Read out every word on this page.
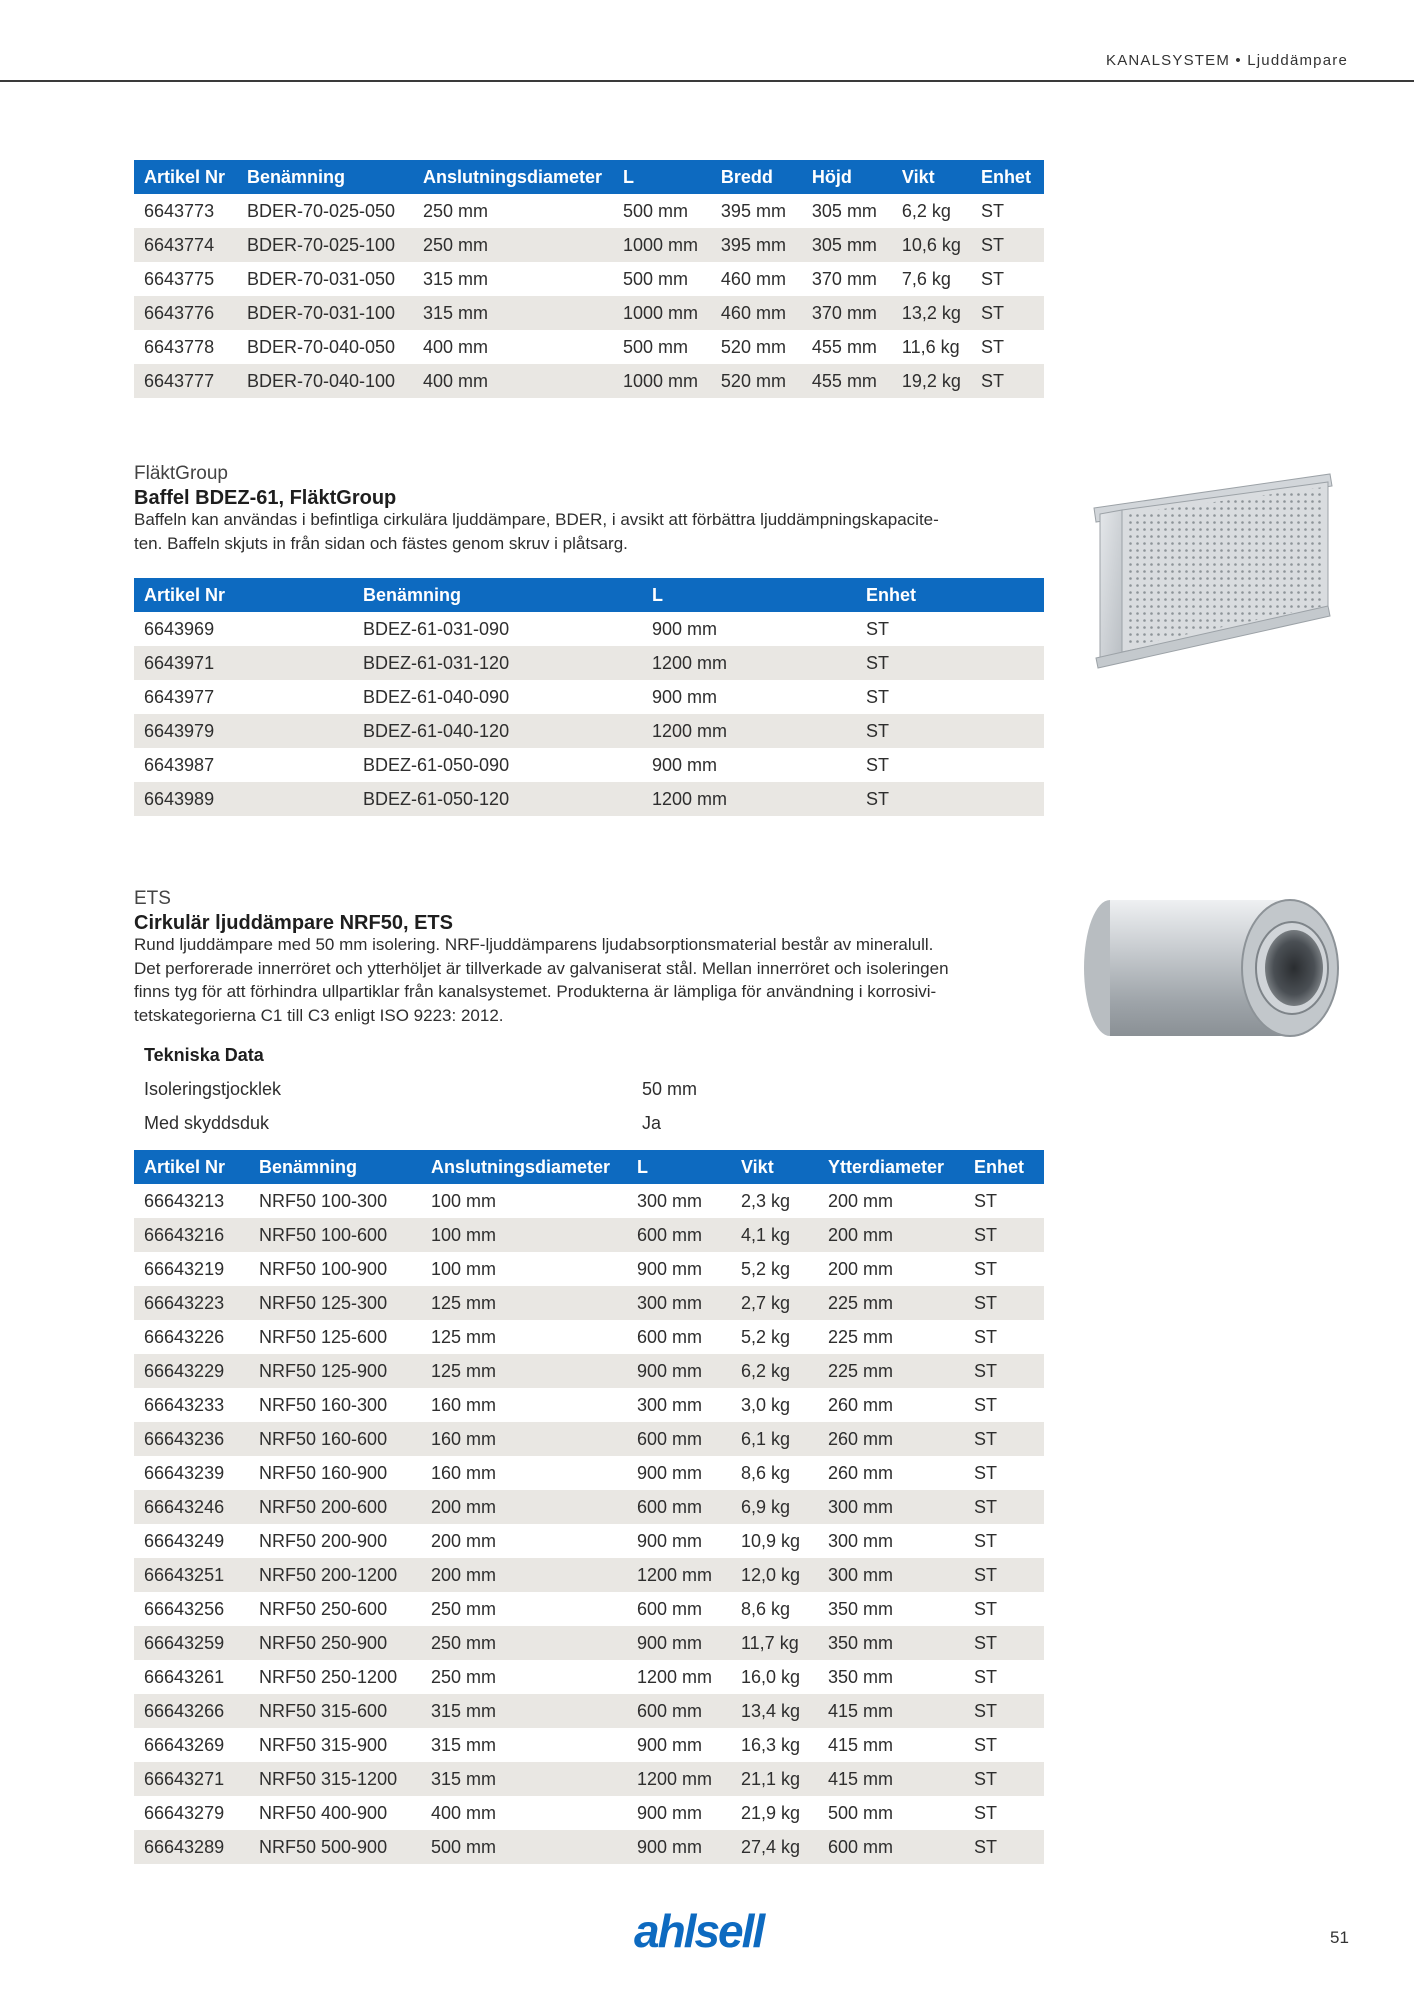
KANALSYSTEM • Ljuddämpare
Artikel Nr	Benämning	Anslutningsdiameter	L	Bredd	Höjd	Vikt	Enhet
6643773	BDER-70-025-050	250 mm	500 mm	395 mm	305 mm	6,2 kg	ST
6643774	BDER-70-025-100	250 mm	1000 mm	395 mm	305 mm	10,6 kg	ST
6643775	BDER-70-031-050	315 mm	500 mm	460 mm	370 mm	7,6 kg	ST
6643776	BDER-70-031-100	315 mm	1000 mm	460 mm	370 mm	13,2 kg	ST
6643778	BDER-70-040-050	400 mm	500 mm	520 mm	455 mm	11,6 kg	ST
6643777	BDER-70-040-100	400 mm	1000 mm	520 mm	455 mm	19,2 kg	ST
FläktGroup
Baffel BDEZ-61, FläktGroup
Baffeln kan användas i befintliga cirkulära ljuddämpare, BDER, i avsikt att förbättra ljuddämpningskapacite-
ten. Baffeln skjuts in från sidan och fästes genom skruv i plåtsarg.
Artikel Nr	Benämning	L	Enhet
6643969	BDEZ-61-031-090	900 mm	ST
6643971	BDEZ-61-031-120	1200 mm	ST
6643977	BDEZ-61-040-090	900 mm	ST
6643979	BDEZ-61-040-120	1200 mm	ST
6643987	BDEZ-61-050-090	900 mm	ST
6643989	BDEZ-61-050-120	1200 mm	ST
ETS
Cirkulär ljuddämpare NRF50, ETS
Rund ljuddämpare med 50 mm isolering. NRF-ljuddämparens ljudabsorptionsmaterial består av mineralull.
Det perforerade innerröret och ytterhöljet är tillverkade av galvaniserat stål. Mellan innerröret och isoleringen
finns tyg för att förhindra ullpartiklar från kanalsystemet. Produkterna är lämpliga för användning i korrosivi-
tetskategorierna C1 till C3 enligt ISO 9223: 2012.
Tekniska Data
Isoleringstjocklek	50 mm
Med skyddsduk	Ja
Artikel Nr	Benämning	Anslutningsdiameter	L	Vikt	Ytterdiameter	Enhet
66643213	NRF50 100-300	100 mm	300 mm	2,3 kg	200 mm	ST
66643216	NRF50 100-600	100 mm	600 mm	4,1 kg	200 mm	ST
66643219	NRF50 100-900	100 mm	900 mm	5,2 kg	200 mm	ST
66643223	NRF50 125-300	125 mm	300 mm	2,7 kg	225 mm	ST
66643226	NRF50 125-600	125 mm	600 mm	5,2 kg	225 mm	ST
66643229	NRF50 125-900	125 mm	900 mm	6,2 kg	225 mm	ST
66643233	NRF50 160-300	160 mm	300 mm	3,0 kg	260 mm	ST
66643236	NRF50 160-600	160 mm	600 mm	6,1 kg	260 mm	ST
66643239	NRF50 160-900	160 mm	900 mm	8,6 kg	260 mm	ST
66643246	NRF50 200-600	200 mm	600 mm	6,9 kg	300 mm	ST
66643249	NRF50 200-900	200 mm	900 mm	10,9 kg	300 mm	ST
66643251	NRF50 200-1200	200 mm	1200 mm	12,0 kg	300 mm	ST
66643256	NRF50 250-600	250 mm	600 mm	8,6 kg	350 mm	ST
66643259	NRF50 250-900	250 mm	900 mm	11,7 kg	350 mm	ST
66643261	NRF50 250-1200	250 mm	1200 mm	16,0 kg	350 mm	ST
66643266	NRF50 315-600	315 mm	600 mm	13,4 kg	415 mm	ST
66643269	NRF50 315-900	315 mm	900 mm	16,3 kg	415 mm	ST
66643271	NRF50 315-1200	315 mm	1200 mm	21,1 kg	415 mm	ST
66643279	NRF50 400-900	400 mm	900 mm	21,9 kg	500 mm	ST
66643289	NRF50 500-900	500 mm	900 mm	27,4 kg	600 mm	ST
ahlsell	51
